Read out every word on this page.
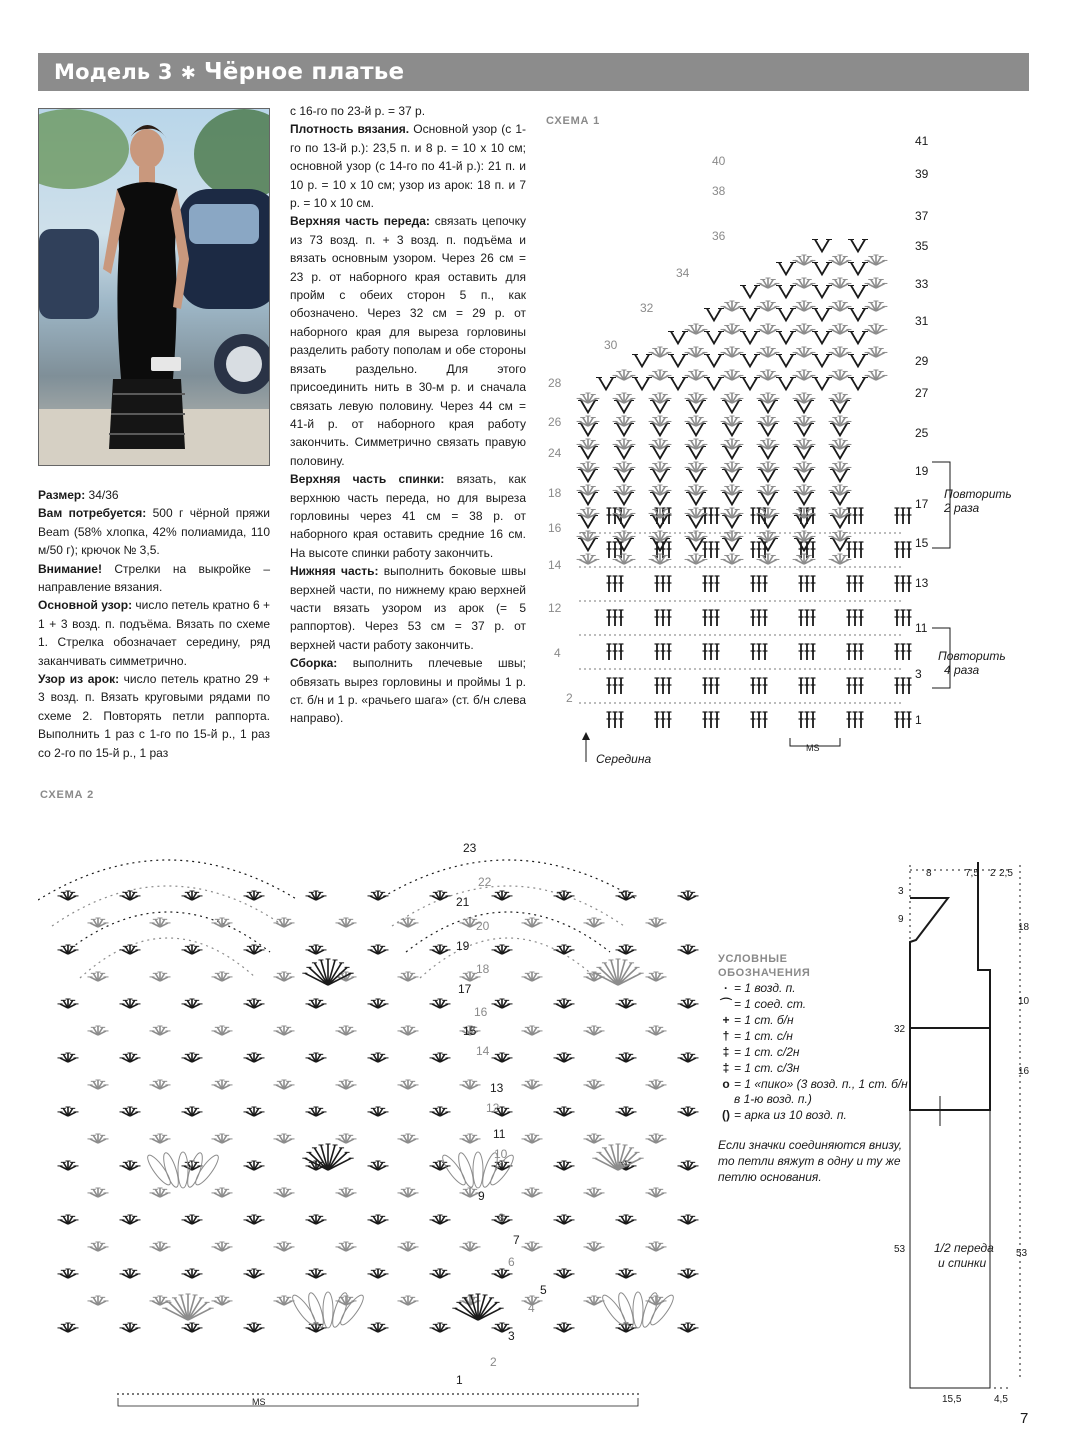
Модель 3 ✱ Чёрное платье

Размер: 34/36

Вам потребуется: 500 г чёрной пряжи Beam (58% хлопка, 42% полиамида, 110 м/50 г); крючок № 3,5.

Внимание! Стрелки на выкройке – направление вязания.

Основной узор: число петель кратно 6 + 1 + 3 возд. п. подъёма. Вязать по схеме 1. Стрелка обозначает середину, ряд заканчивать симметрично.

Узор из арок: число петель кратно 29 + 3 возд. п. Вязать круговыми рядами по схеме 2. Повторять петли раппорта. Выполнить 1 раз с 1-го по 15-й р., 1 раз со 2-го по 15-й р., 1 раз

с 16-го по 23-й р. = 37 р.

Плотность вязания. Основной узор (с 1-го по 13-й р.): 23,5 п. и 8 р. = 10 х 10 см; основной узор (с 14-го по 41-й р.): 21 п. и 10 р. = 10 х 10 см; узор из арок: 18 п. и 7 р. = 10 х 10 см.

Верхняя часть переда: связать цепочку из 73 возд. п. + 3 возд. п. подъёма и вязать основным узором. Через 26 см = 23 р. от наборного края оставить для пройм с обеих сторон 5 п., как обозначено. Через 32 см = 29 р. от наборного края для выреза горловины разделить работу пополам и обе стороны вязать раздельно. Для этого присоединить нить в 30-м р. и сначала связать левую половину. Через 44 см = 41-й р. от наборного края работу закончить. Симметрично связать правую половину.

Верхняя часть спинки: вязать, как верхнюю часть переда, но для выреза горловины через 41 см = 38 р. от наборного края оставить средние 16 см. На высоте спинки работу закончить.

Нижняя часть: выполнить боковые швы верхней части, по нижнему краю верхней части вязать узором из арок (= 5 раппортов). Через 53 см = 37 р. от верхней части работу закончить.

Сборка: выполнить плечевые швы; обвязать вырез горловины и проймы 1 р. ст. б/н и 1 р. «рачьего шага» (ст. б/н слева направо).

СХЕМА 1
41
39
37
35
33
31
29
27
25
19
17
15
13
11
3
1
40
38
36
34
32
30
28
26
24
18
16
14
12
4
2
Повторить
2 раза
Повторить
4 раза
MS
Середина
СХЕМА 2
23
22
21
20
19
18
17
16
15
14
13
12
11
10
9
8
7
6
5
4
3
2
1
MS
УСЛОВНЫЕ
ОБОЗНАЧЕНИЯ
· = 1 возд. п.
⌒ = 1 соед. ст.
+ = 1 ст. б/н
† = 1 ст. с/н
‡ = 1 ст. с/2н
‡ = 1 ст. с/3н
ο = 1 «пико» (3 возд. п., 1 ст. б/н в 1-ю возд. п.)
() = арка из 10 возд. п.
Если значки соединяются внизу, то петли вяжут в одну и ту же петлю основания.
8	7,5 2 2,5
3
9
32
53
18
10
16
53
15,5	4,5
1/2 переда
и спинки
7
